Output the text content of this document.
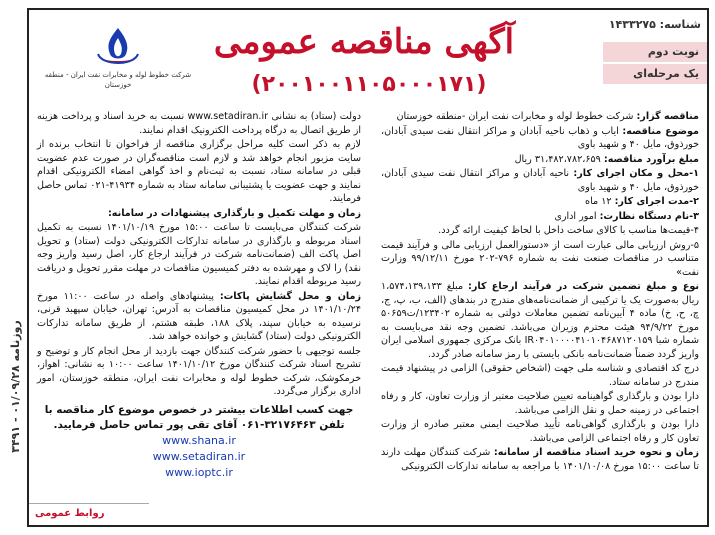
روزنامه ۰۱/۰۹/۲۸ - ۳۴۹۱
شرکت خطوط لوله و مخابرات نفت ایران - منطقه خوزستان
آگهی مناقصه عمومی
(۲۰۰۱۰۰۱۱۰۵۰۰۰۱۷۱)
شناسه: ۱۴۳۳۲۷۵
نوبت دوم
یک مرحله‌ای

مناقصه گزار: شرکت خطوط لوله و مخابرات نفت ایران -منطقه خوزستان

موضوع مناقصه: ایاب و ذهاب ناحیه آبادان و مراکز انتقال نفت سیدی آبادان، خورذوق، مایل ۴۰ و شهید باوی

مبلغ برآورد مناقصه: ۳۱،۴۸۲،۷۸۲،۶۵۹ ریال

۱-محل و مکان اجرای کار: ناحیه آبادان و مراکز انتقال نفت سیدی آبادان، خورذوق، مایل ۴۰ و شهید باوی

۲-مدت اجرای کار: ۱۲ ماه

۳-نام دستگاه نظارت: امور اداری

۴-قیمت‌ها مناسب با کالای ساخت داخل با لحاظ کیفیت ارائه گردد.

۵-روش ارزیابی مالی عبارت است از «دستورالعمل ارزیابی مالی و فرآیند قیمت متناسب در مناقصات صنعت نفت به شماره ۷۹۶-۲۰۲ مورخ ۹۹/۱۲/۱۱ وزارت نفت»

نوع و مبلغ تضمین شرکت در فرآیند ارجاع کار: مبلغ ۱،۵۷۴،۱۳۹،۱۳۳ ریال به‌صورت یک یا ترکیبی از ضمانت‌نامه‌های مندرج در بندهای (الف، ب، پ، ج، چ، ح، خ) ماده ۴ آیین‌نامه تضمین معاملات دولتی به شماره ۱۲۳۴۰۲/ت۵۰۶۵۹ مورخ ۹۴/۹/۲۲ هیئت محترم وزیران می‌باشد. تضمین وجه نقد می‌بایست به شماره شبا IR۰۴۰۱۰۰۰۰۴۱۰۱۰۴۶۸۷۱۲۰۱۵۹ بانک مرکزی جمهوری اسلامی ایران واریز گردد ضمناً ضمانت‌نامه بانکی بایستی با رمز سامانه صادر گردد.

درج کد اقتصادی و شناسه ملی جهت (اشخاص حقوقی) الزامی در پیشنهاد قیمت مندرج در سامانه ستاد.

دارا بودن و بارگذاری گواهینامه تعیین صلاحیت معتبر از وزارت تعاون، کار و رفاه اجتماعی در زمینه حمل و نقل الزامی می‌باشد.

دارا بودن و بارگذاری گواهی‌نامه تأیید صلاحیت ایمنی معتبر صادره از وزارت تعاون کار و رفاه اجتماعی الزامی می‌باشد.

زمان و نحوه خرید اسناد مناقصه از سامانه: شرکت کنندگان مهلت دارند تا ساعت ۱۵:۰۰ مورخ ۱۴۰۱/۱۰/۰۸ با مراجعه به سامانه تدارکات الکترونیکی

دولت (ستاد) به نشانی www.setadiran.ir نسبت به خرید اسناد و پرداخت هزینه از طریق اتصال به درگاه پرداخت الکترونیک اقدام نمایند.

لازم به ذکر است کلیه مراحل برگزاری مناقصه از فراخوان تا انتخاب برنده از سایت مزبور انجام خواهد شد و لازم است مناقصه‌گران در صورت عدم عضویت قبلی در سامانه ستاد، نسبت به ثبت‌نام و اخذ گواهی امضاء الکترونیکی اقدام نمایند و جهت عضویت یا پشتیبانی سامانه ستاد به شماره ۴۱۹۳۴-۰۲۱ تماس حاصل فرمایند.

زمان و مهلت تکمیل و بارگذاری پیشنهادات در سامانه:

شرکت کنندگان می‌بایست تا ساعت ۱۵:۰۰ مورخ ۱۴۰۱/۱۰/۱۹ نسبت به تکمیل اسناد مربوطه و بارگذاری در سامانه تدارکات الکترونیکی دولت (ستاد) و تحویل اصل پاکت الف (ضمانت‌نامه شرکت در فرآیند ارجاع کار، اصل رسید واریز وجه نقد) را لاک و مهرشده به دفتر کمیسیون مناقصات در مهلت مقرر تحویل و دریافت رسید مربوطه اقدام نمایند.

زمان و محل گشایش پاکات: پیشنهادهای واصله در ساعت ۱۱:۰۰ مورخ ۱۴۰۱/۱۰/۲۴ در محل کمیسیون مناقصات به آدرس: تهران، خیابان سپهبد قرنی، نرسیده به خیابان سپند، پلاک ۱۸۸، طبقه هشتم، از طریق سامانه تدارکات الکترونیکی دولت (ستاد) گشایش و خوانده خواهد شد.

جلسه توجیهی با حضور شرکت کنندگان جهت بازدید از محل انجام کار و توضیح و تشریح اسناد شرکت کنندگان مورخ ۱۴۰۱/۱۰/۱۲ ساعت ۱۰:۰۰ به نشانی: اهواز، خرمکوشک، شرکت خطوط لوله و مخابرات نفت ایران، منطقه خوزستان، امور اداری برگزار می‌گردد.

جهت کسب اطلاعات بیشتر در خصوص موضوع کار مناقصه با تلفن ۳۲۱۷۶۴۶۳-۰۶۱ آقای تقی پور تماس حاصل فرمایید.
www.shana.ir
www.setadiran.ir
www.ioptc.ir
روابط عمومی
